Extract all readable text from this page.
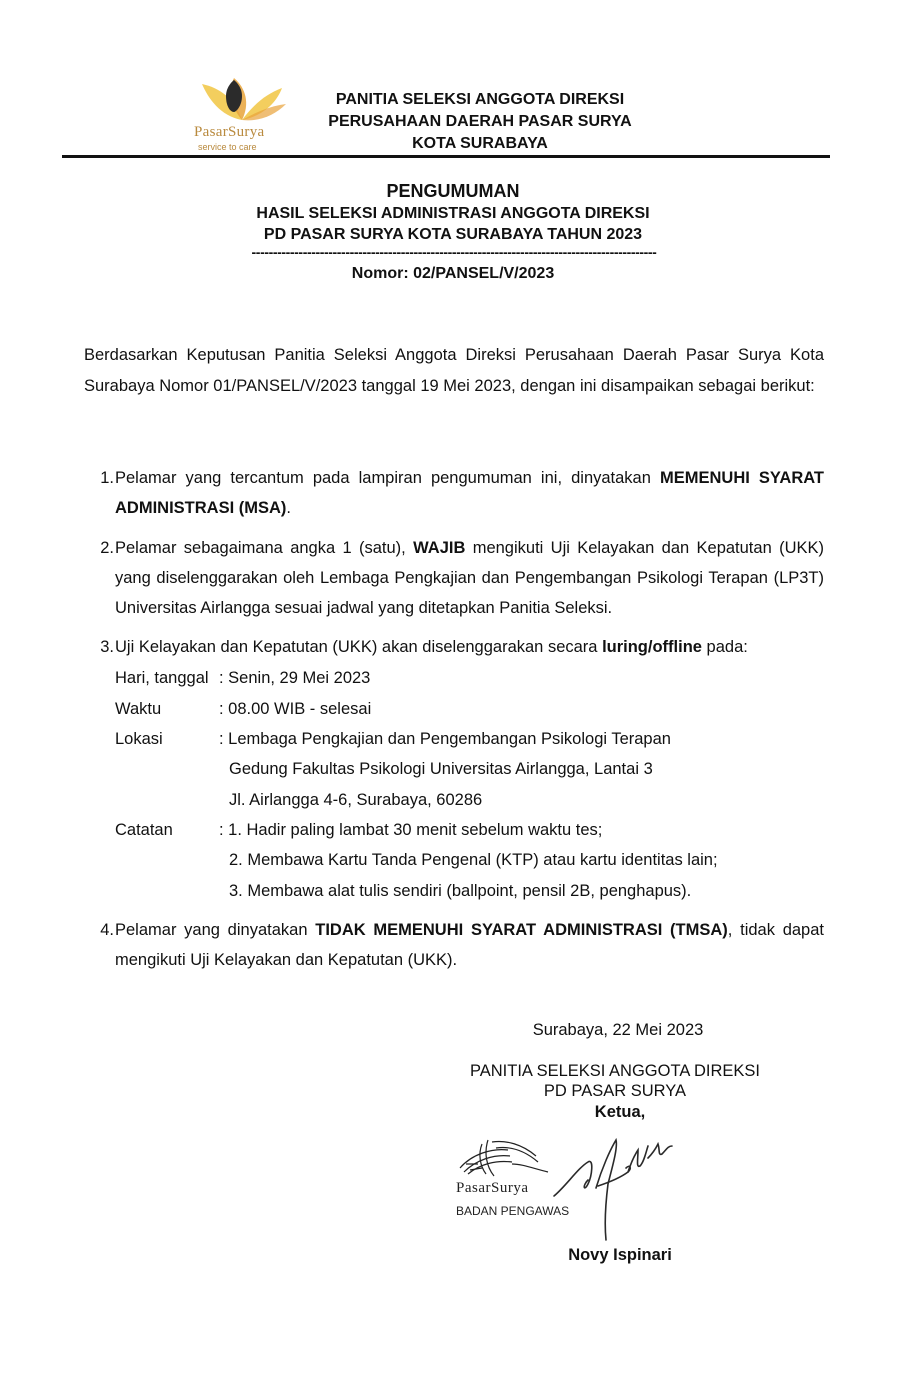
PasarSurya
service to care
PANITIA SELEKSI ANGGOTA DIREKSI
PERUSAHAAN DAERAH PASAR SURYA
KOTA SURABAYA
PENGUMUMAN
HASIL SELEKSI ADMINISTRASI ANGGOTA DIREKSI
PD PASAR SURYA KOTA SURABAYA TAHUN 2023
-----------------------------------------------------------------------------------------------
Nomor: 02/PANSEL/V/2023
Berdasarkan Keputusan Panitia Seleksi Anggota Direksi Perusahaan Daerah Pasar Surya Kota Surabaya Nomor 01/PANSEL/V/2023 tanggal 19 Mei 2023, dengan ini disampaikan sebagai berikut:
1. Pelamar yang tercantum pada lampiran pengumuman ini, dinyatakan MEMENUHI SYARAT ADMINISTRASI (MSA).
2. Pelamar sebagaimana angka 1 (satu), WAJIB mengikuti Uji Kelayakan dan Kepatutan (UKK) yang diselenggarakan oleh Lembaga Pengkajian dan Pengembangan Psikologi Terapan (LP3T) Universitas Airlangga sesuai jadwal yang ditetapkan Panitia Seleksi.
3. Uji Kelayakan dan Kepatutan (UKK) akan diselenggarakan secara luring/offline pada:
Hari, tanggal : Senin, 29 Mei 2023
Waktu	: 08.00 WIB - selesai
Lokasi	: Lembaga Pengkajian dan Pengembangan Psikologi Terapan
Gedung Fakultas Psikologi Universitas Airlangga, Lantai 3
Jl. Airlangga 4-6, Surabaya, 60286
Catatan	: 1. Hadir paling lambat 30 menit sebelum waktu tes;
2. Membawa Kartu Tanda Pengenal (KTP) atau kartu identitas lain;
3. Membawa alat tulis sendiri (ballpoint, pensil 2B, penghapus).
4. Pelamar yang dinyatakan TIDAK MEMENUHI SYARAT ADMINISTRASI (TMSA), tidak dapat mengikuti Uji Kelayakan dan Kepatutan (UKK).
Surabaya, 22 Mei 2023
PANITIA SELEKSI ANGGOTA DIREKSI
PD PASAR SURYA
Ketua,
PasarSurya
BADAN PENGAWAS
Novy Ispinari
